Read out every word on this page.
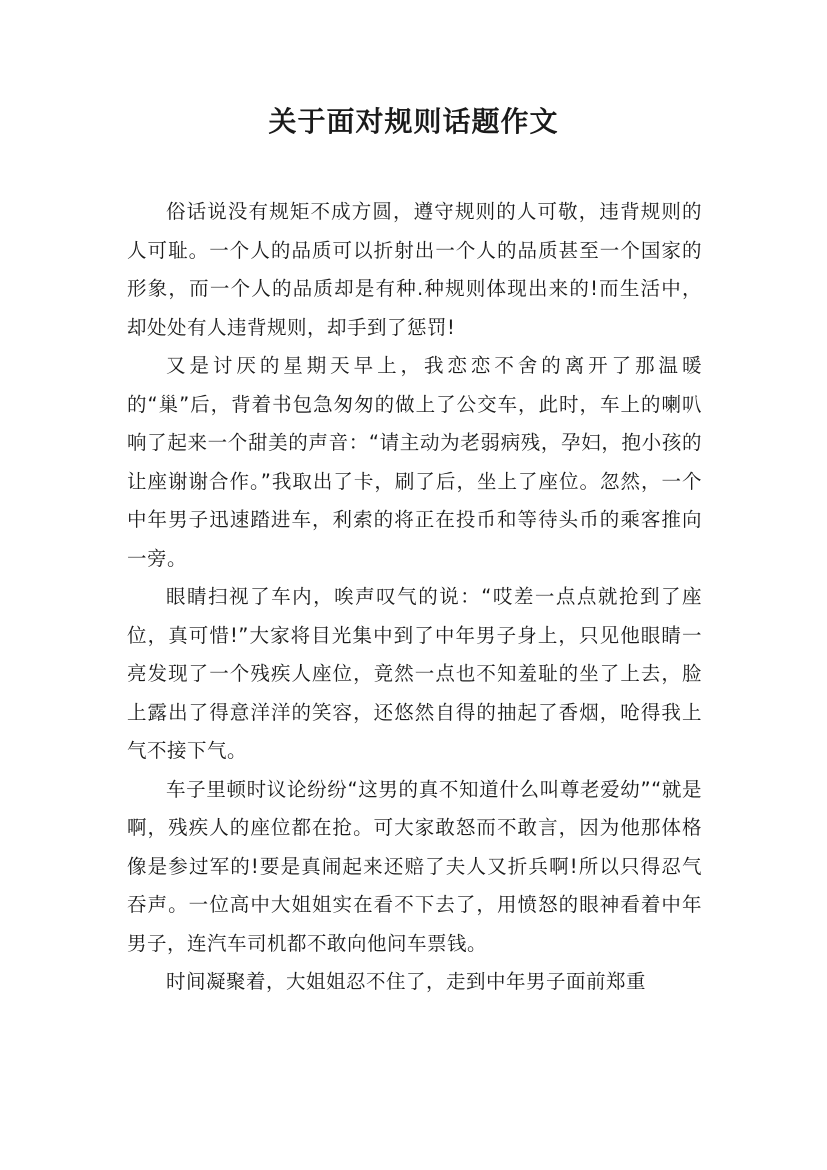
关于面对规则话题作文

俗话说没有规矩不成方圆，遵守规则的人可敬，违背规则的人可耻。一个人的品质可以折射出一个人的品质甚至一个国家的形象，而一个人的品质却是有种.种规则体现出来的!而生活中，却处处有人违背规则，却手到了惩罚!

又是讨厌的星期天早上，我恋恋不舍的离开了那温暖的“巢”后，背着书包急匆匆的做上了公交车，此时，车上的喇叭响了起来一个甜美的声音：“请主动为老弱病残，孕妇，抱小孩的让座谢谢合作。”我取出了卡，刷了后，坐上了座位。忽然，一个中年男子迅速踏进车，利索的将正在投币和等待头币的乘客推向一旁。

眼睛扫视了车内，唉声叹气的说：“哎差一点点就抢到了座位，真可惜!”大家将目光集中到了中年男子身上，只见他眼睛一亮发现了一个残疾人座位，竟然一点也不知羞耻的坐了上去，脸上露出了得意洋洋的笑容，还悠然自得的抽起了香烟，呛得我上气不接下气。

车子里顿时议论纷纷“这男的真不知道什么叫尊老爱幼”“就是啊，残疾人的座位都在抢。可大家敢怒而不敢言，因为他那体格像是参过军的!要是真闹起来还赔了夫人又折兵啊!所以只得忍气吞声。一位高中大姐姐实在看不下去了，用愤怒的眼神看着中年男子，连汽车司机都不敢向他问车票钱。

时间凝聚着，大姐姐忍不住了，走到中年男子面前郑重
